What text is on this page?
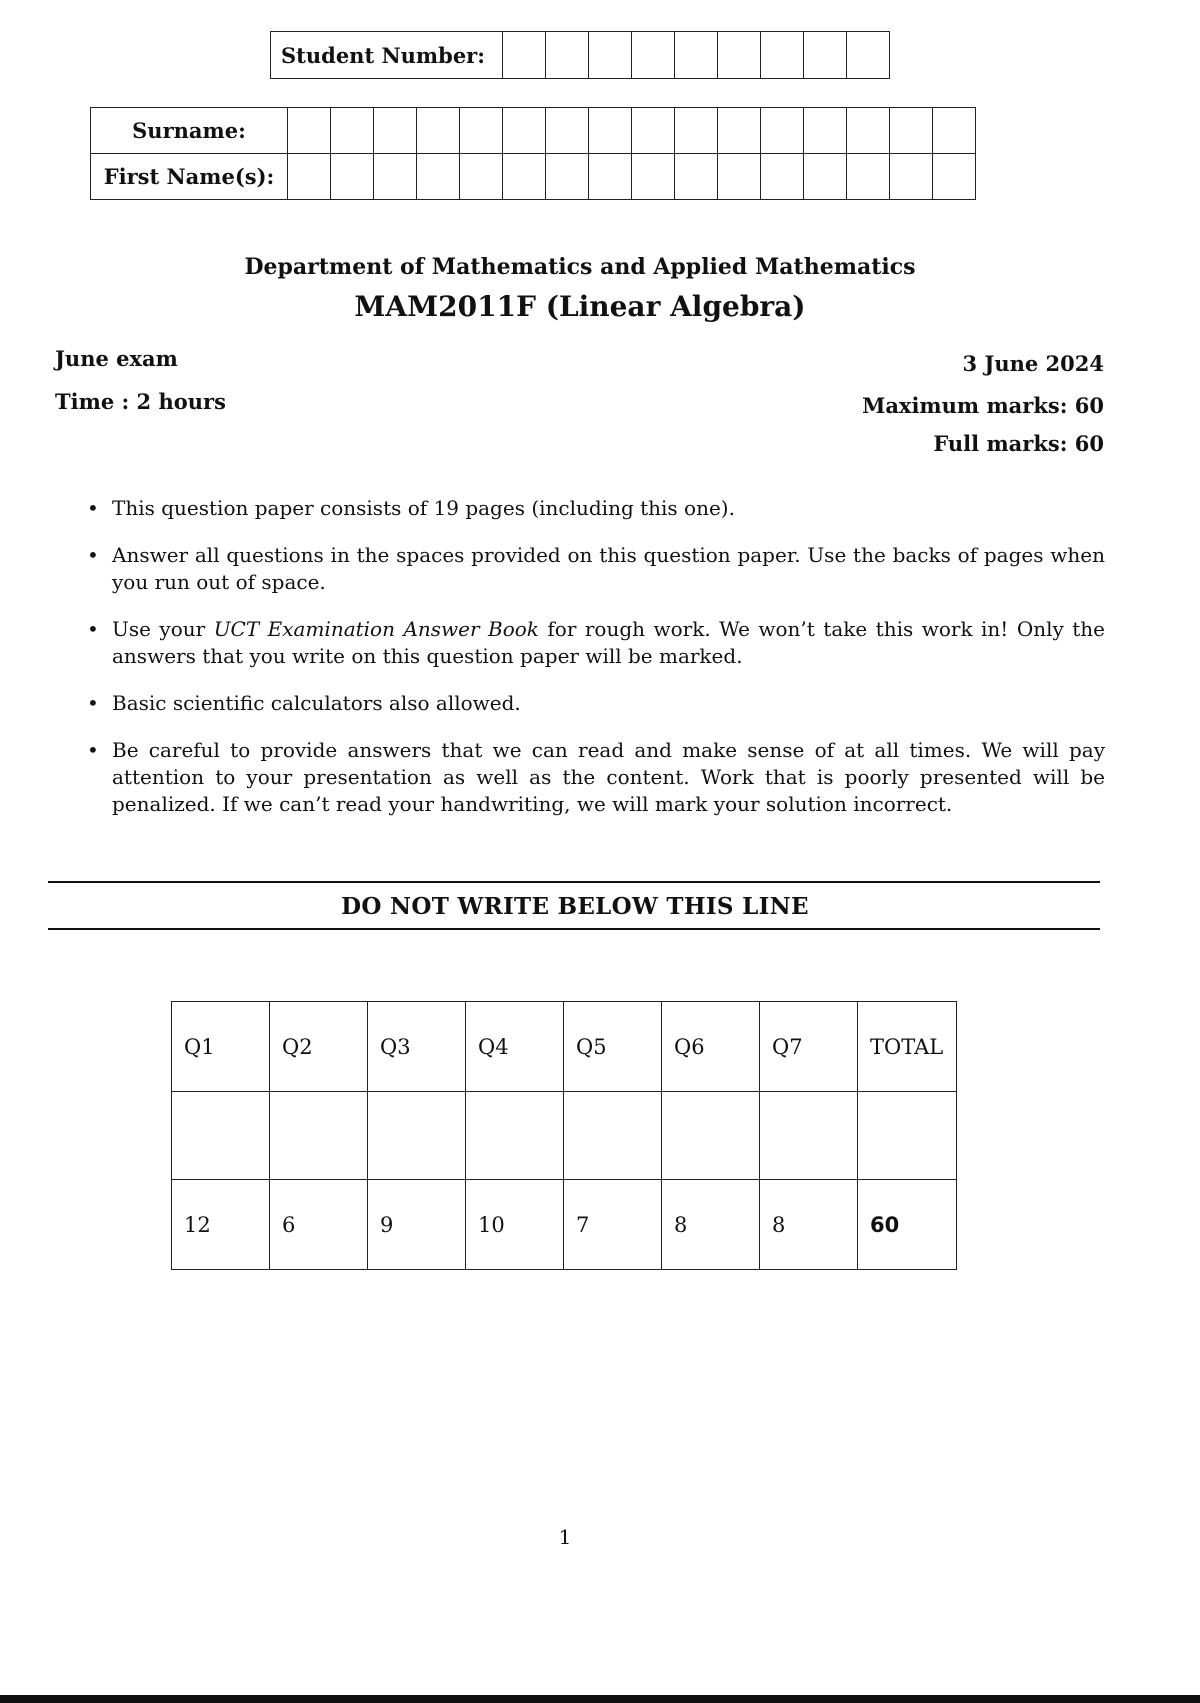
Student Number:									
Surname:																
First Name(s):																
Department of Mathematics and Applied Mathematics
MAM2011F (Linear Algebra)
June exam
Time : 2 hours
3 June 2024
Maximum marks: 60
Full marks: 60
• This question paper consists of 19 pages (including this one).
• Answer all questions in the spaces provided on this question paper. Use the backs of pages when you run out of space.
• Use your UCT Examination Answer Book for rough work. We won’t take this work in! Only the answers that you write on this question paper will be marked.
• Basic scientific calculators also allowed.
• Be careful to provide answers that we can read and make sense of at all times. We will pay attention to your presentation as well as the content. Work that is poorly presented will be penalized. If we can’t read your handwriting, we will mark your solution incorrect.
DO NOT WRITE BELOW THIS LINE
Q1	Q2	Q3	Q4	Q5	Q6	Q7	TOTAL

12	6	9	10	7	8	8	60
1
